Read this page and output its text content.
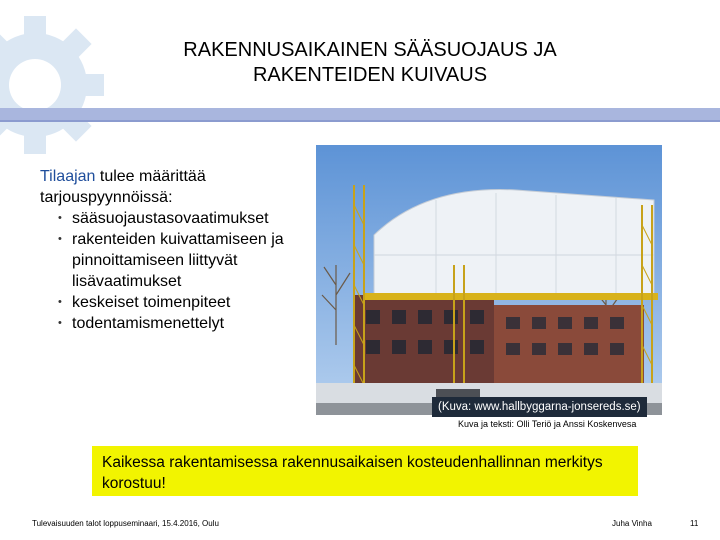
RAKENNUSAIKAINEN SÄÄSUOJAUS JA
RAKENTEIDEN KUIVAUS
Tilaajan tulee määrittää tarjouspyynnöissä:
• sääsuojaustasovaatimukset
• rakenteiden kuivattamiseen ja pinnoittamiseen liittyvät lisävaatimukset
• keskeiset toimenpiteet
• todentamismenettelyt
(Kuva: www.hallbyggarna-jonsereds.se)
Kuva ja teksti: Olli Teriö ja Anssi Koskenvesa
Kaikessa rakentamisessa rakennusaikaisen kosteudenhallinnan merkitys korostuu!
Tulevaisuuden talot loppuseminaari, 15.4.2016, Oulu	Juha Vinha	11
